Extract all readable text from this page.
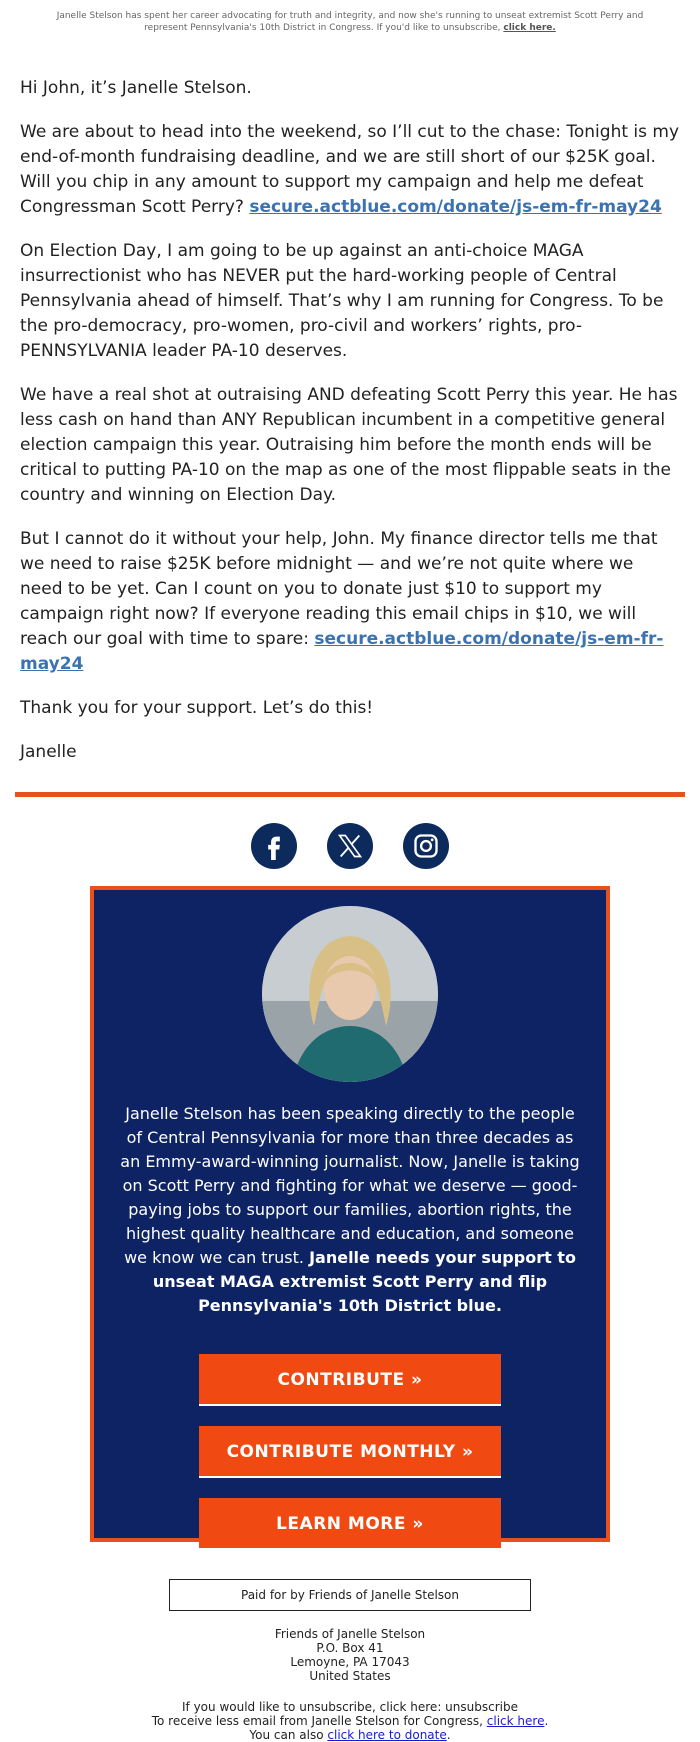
Janelle Stelson has spent her career advocating for truth and integrity, and now she's running to unseat extremist Scott Perry and represent Pennsylvania's 10th District in Congress. If you'd like to unsubscribe, click here.

Hi John, it’s Janelle Stelson.

We are about to head into the weekend, so I’ll cut to the chase: Tonight is my end-of-month fundraising deadline, and we are still short of our $25K goal. Will you chip in any amount to support my campaign and help me defeat Congressman Scott Perry? secure.actblue.com/donate/js-em-fr-may24

On Election Day, I am going to be up against an anti-choice MAGA insurrectionist who has NEVER put the hard-working people of Central Pennsylvania ahead of himself. That’s why I am running for Congress. To be the pro-democracy, pro-women, pro-civil and workers’ rights, pro-PENNSYLVANIA leader PA-10 deserves.

We have a real shot at outraising AND defeating Scott Perry this year. He has less cash on hand than ANY Republican incumbent in a competitive general election campaign this year. Outraising him before the month ends will be critical to putting PA-10 on the map as one of the most flippable seats in the country and winning on Election Day.

But I cannot do it without your help, John. My finance director tells me that we need to raise $25K before midnight — and we’re not quite where we need to be yet. Can I count on you to donate just $10 to support my campaign right now? If everyone reading this email chips in $10, we will reach our goal with time to spare: secure.actblue.com/donate/js-em-fr-may24

Thank you for your support. Let’s do this!

Janelle

Janelle Stelson has been speaking directly to the people of Central Pennsylvania for more than three decades as an Emmy-award-winning journalist. Now, Janelle is taking on Scott Perry and fighting for what we deserve — good-paying jobs to support our families, abortion rights, the highest quality healthcare and education, and someone we know we can trust. Janelle needs your support to unseat MAGA extremist Scott Perry and flip Pennsylvania's 10th District blue.
CONTRIBUTE »
CONTRIBUTE MONTHLY »
LEARN MORE »
Paid for by Friends of Janelle Stelson
Friends of Janelle Stelson
P.O. Box 41
Lemoyne, PA 17043
United States
If you would like to unsubscribe, click here: unsubscribe
To receive less email from Janelle Stelson for Congress, click here.
You can also click here to donate.
